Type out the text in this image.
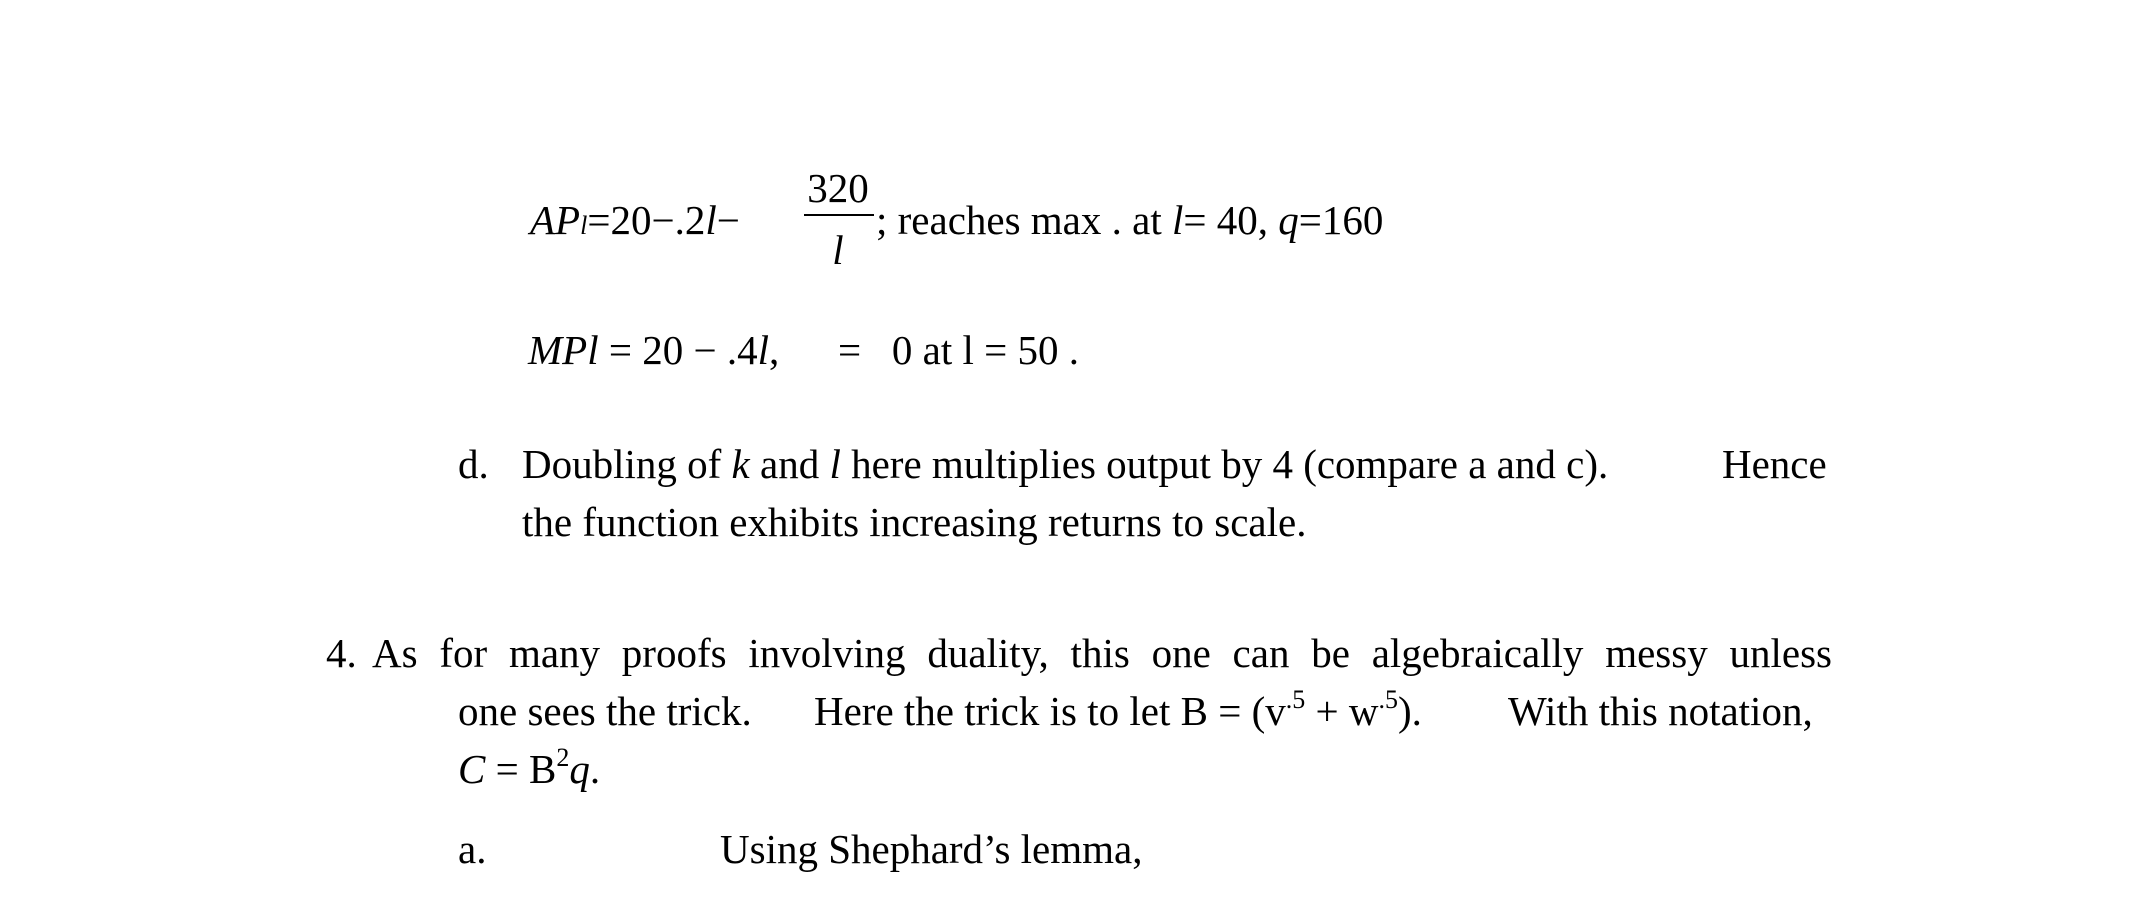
APl=20−.2l−
320
l
; reaches max . at l= 40, q=160
MPl = 20 − .4l, =   0 at l = 50 .
d. Doubling of k and l here multiplies output by 4 (compare a and c).	Hence
the function exhibits increasing returns to scale.
4. As for many proofs involving duality, this one can be algebraically messy unless
one sees the trick. Here the trick is to let $B = (v^{.5} + w^{.5})$. With this notation,
$C = B^2q$.
a.	Using Shephard’s lemma,
